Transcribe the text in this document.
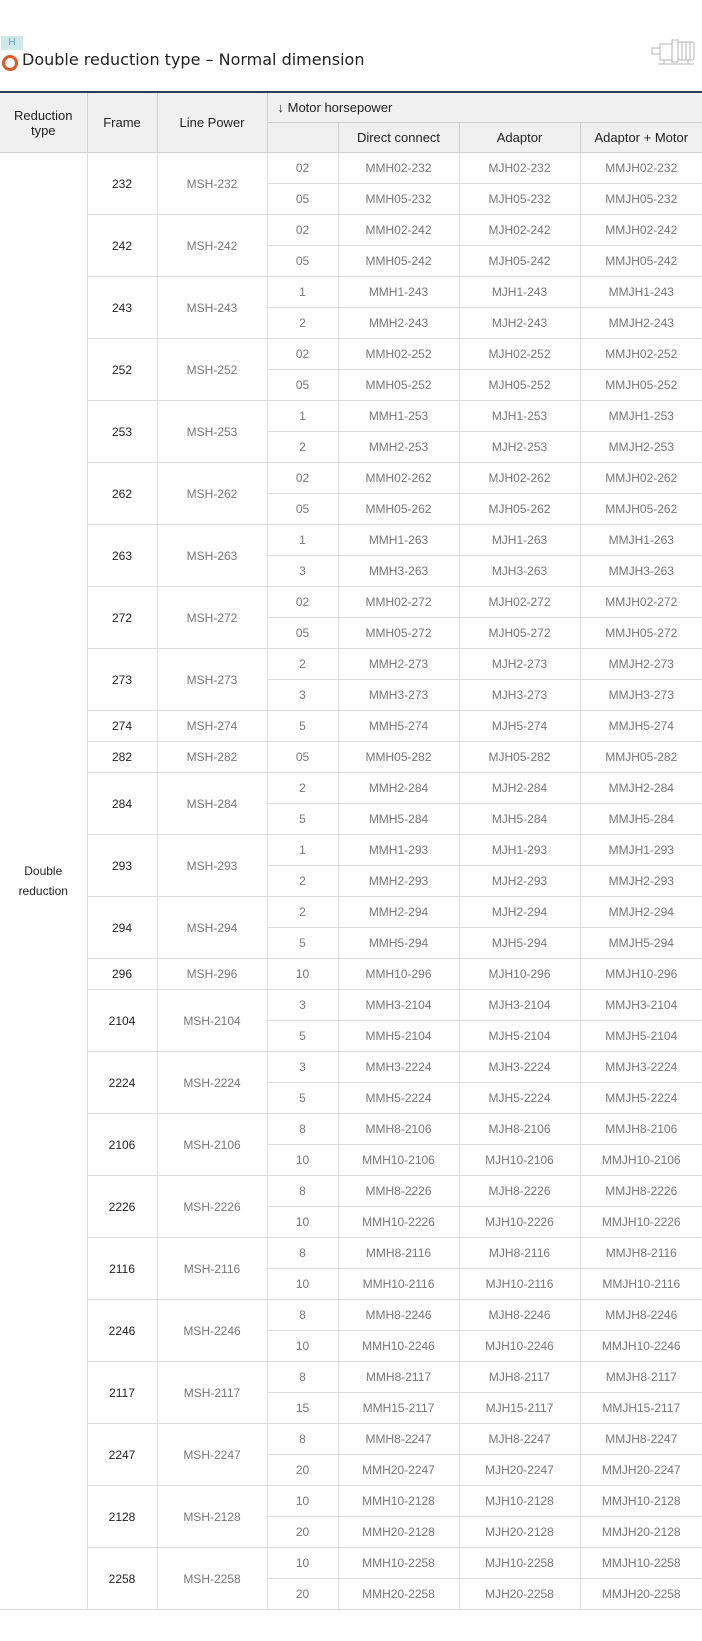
H
Double reduction type – Normal dimension
Reduction type	Frame	Line Power	↓ Motor horsepower			
				Direct connect	Adaptor	Adaptor + Motor
Double
reduction	232	MSH-232	02	MMH02-232	MJH02-232	MMJH02-232
			05	MMH05-232	MJH05-232	MMJH05-232
	242	MSH-242	02	MMH02-242	MJH02-242	MMJH02-242
			05	MMH05-242	MJH05-242	MMJH05-242
	243	MSH-243	1	MMH1-243	MJH1-243	MMJH1-243
			2	MMH2-243	MJH2-243	MMJH2-243
	252	MSH-252	02	MMH02-252	MJH02-252	MMJH02-252
			05	MMH05-252	MJH05-252	MMJH05-252
	253	MSH-253	1	MMH1-253	MJH1-253	MMJH1-253
			2	MMH2-253	MJH2-253	MMJH2-253
	262	MSH-262	02	MMH02-262	MJH02-262	MMJH02-262
			05	MMH05-262	MJH05-262	MMJH05-262
	263	MSH-263	1	MMH1-263	MJH1-263	MMJH1-263
			3	MMH3-263	MJH3-263	MMJH3-263
	272	MSH-272	02	MMH02-272	MJH02-272	MMJH02-272
			05	MMH05-272	MJH05-272	MMJH05-272
	273	MSH-273	2	MMH2-273	MJH2-273	MMJH2-273
			3	MMH3-273	MJH3-273	MMJH3-273
	274	MSH-274	5	MMH5-274	MJH5-274	MMJH5-274
	282	MSH-282	05	MMH05-282	MJH05-282	MMJH05-282
	284	MSH-284	2	MMH2-284	MJH2-284	MMJH2-284
			5	MMH5-284	MJH5-284	MMJH5-284
	293	MSH-293	1	MMH1-293	MJH1-293	MMJH1-293
			2	MMH2-293	MJH2-293	MMJH2-293
	294	MSH-294	2	MMH2-294	MJH2-294	MMJH2-294
			5	MMH5-294	MJH5-294	MMJH5-294
	296	MSH-296	10	MMH10-296	MJH10-296	MMJH10-296
	2104	MSH-2104	3	MMH3-2104	MJH3-2104	MMJH3-2104
			5	MMH5-2104	MJH5-2104	MMJH5-2104
	2224	MSH-2224	3	MMH3-2224	MJH3-2224	MMJH3-2224
			5	MMH5-2224	MJH5-2224	MMJH5-2224
	2106	MSH-2106	8	MMH8-2106	MJH8-2106	MMJH8-2106
			10	MMH10-2106	MJH10-2106	MMJH10-2106
	2226	MSH-2226	8	MMH8-2226	MJH8-2226	MMJH8-2226
			10	MMH10-2226	MJH10-2226	MMJH10-2226
	2116	MSH-2116	8	MMH8-2116	MJH8-2116	MMJH8-2116
			10	MMH10-2116	MJH10-2116	MMJH10-2116
	2246	MSH-2246	8	MMH8-2246	MJH8-2246	MMJH8-2246
			10	MMH10-2246	MJH10-2246	MMJH10-2246
	2117	MSH-2117	8	MMH8-2117	MJH8-2117	MMJH8-2117
			15	MMH15-2117	MJH15-2117	MMJH15-2117
	2247	MSH-2247	8	MMH8-2247	MJH8-2247	MMJH8-2247
			20	MMH20-2247	MJH20-2247	MMJH20-2247
	2128	MSH-2128	10	MMH10-2128	MJH10-2128	MMJH10-2128
			20	MMH20-2128	MJH20-2128	MMJH20-2128
	2258	MSH-2258	10	MMH10-2258	MJH10-2258	MMJH10-2258
			20	MMH20-2258	MJH20-2258	MMJH20-2258
